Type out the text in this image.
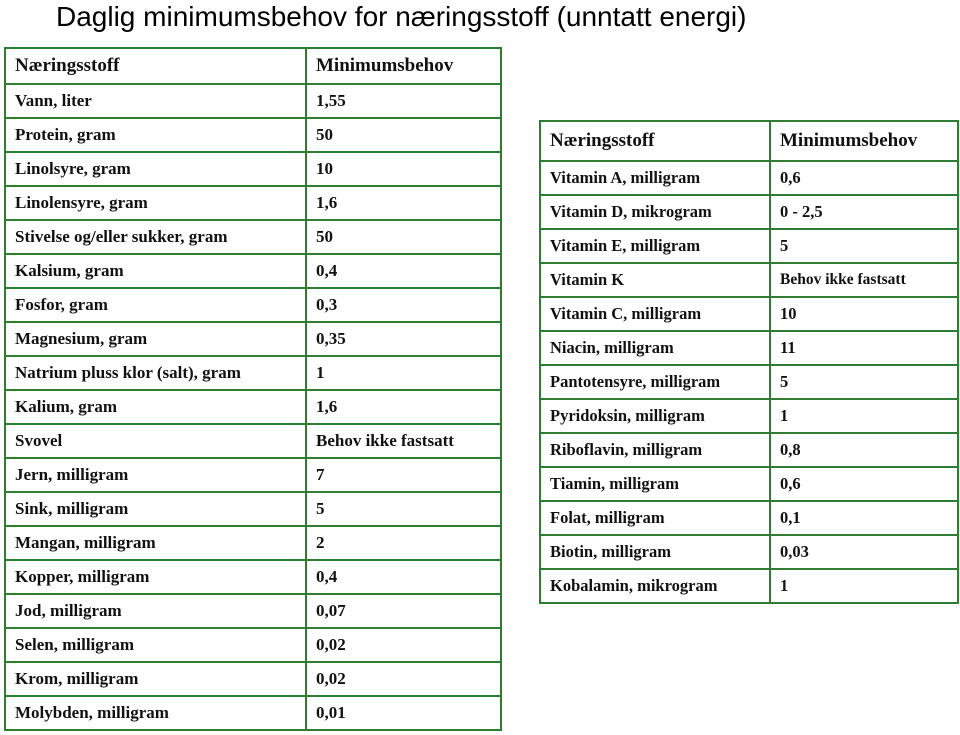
Daglig minimumsbehov for næringsstoff (unntatt energi)
Næringsstoff	Minimumsbehov
Vann, liter	1,55
Protein, gram	50
Linolsyre, gram	10
Linolensyre, gram	1,6
Stivelse og/eller sukker, gram	50
Kalsium, gram	0,4
Fosfor, gram	0,3
Magnesium, gram	0,35
Natrium pluss klor (salt), gram	1
Kalium, gram	1,6
Svovel	Behov ikke fastsatt
Jern, milligram	7
Sink, milligram	5
Mangan, milligram	2
Kopper, milligram	0,4
Jod, milligram	0,07
Selen, milligram	0,02
Krom, milligram	0,02
Molybden, milligram	0,01
Næringsstoff	Minimumsbehov
Vitamin A, milligram	0,6
Vitamin D, mikrogram	0 - 2,5
Vitamin E, milligram	5
Vitamin K	Behov ikke fastsatt
Vitamin C, milligram	10
Niacin, milligram	11
Pantotensyre, milligram	5
Pyridoksin, milligram	1
Riboflavin, milligram	0,8
Tiamin, milligram	0,6
Folat, milligram	0,1
Biotin, milligram	0,03
Kobalamin, mikrogram	1
